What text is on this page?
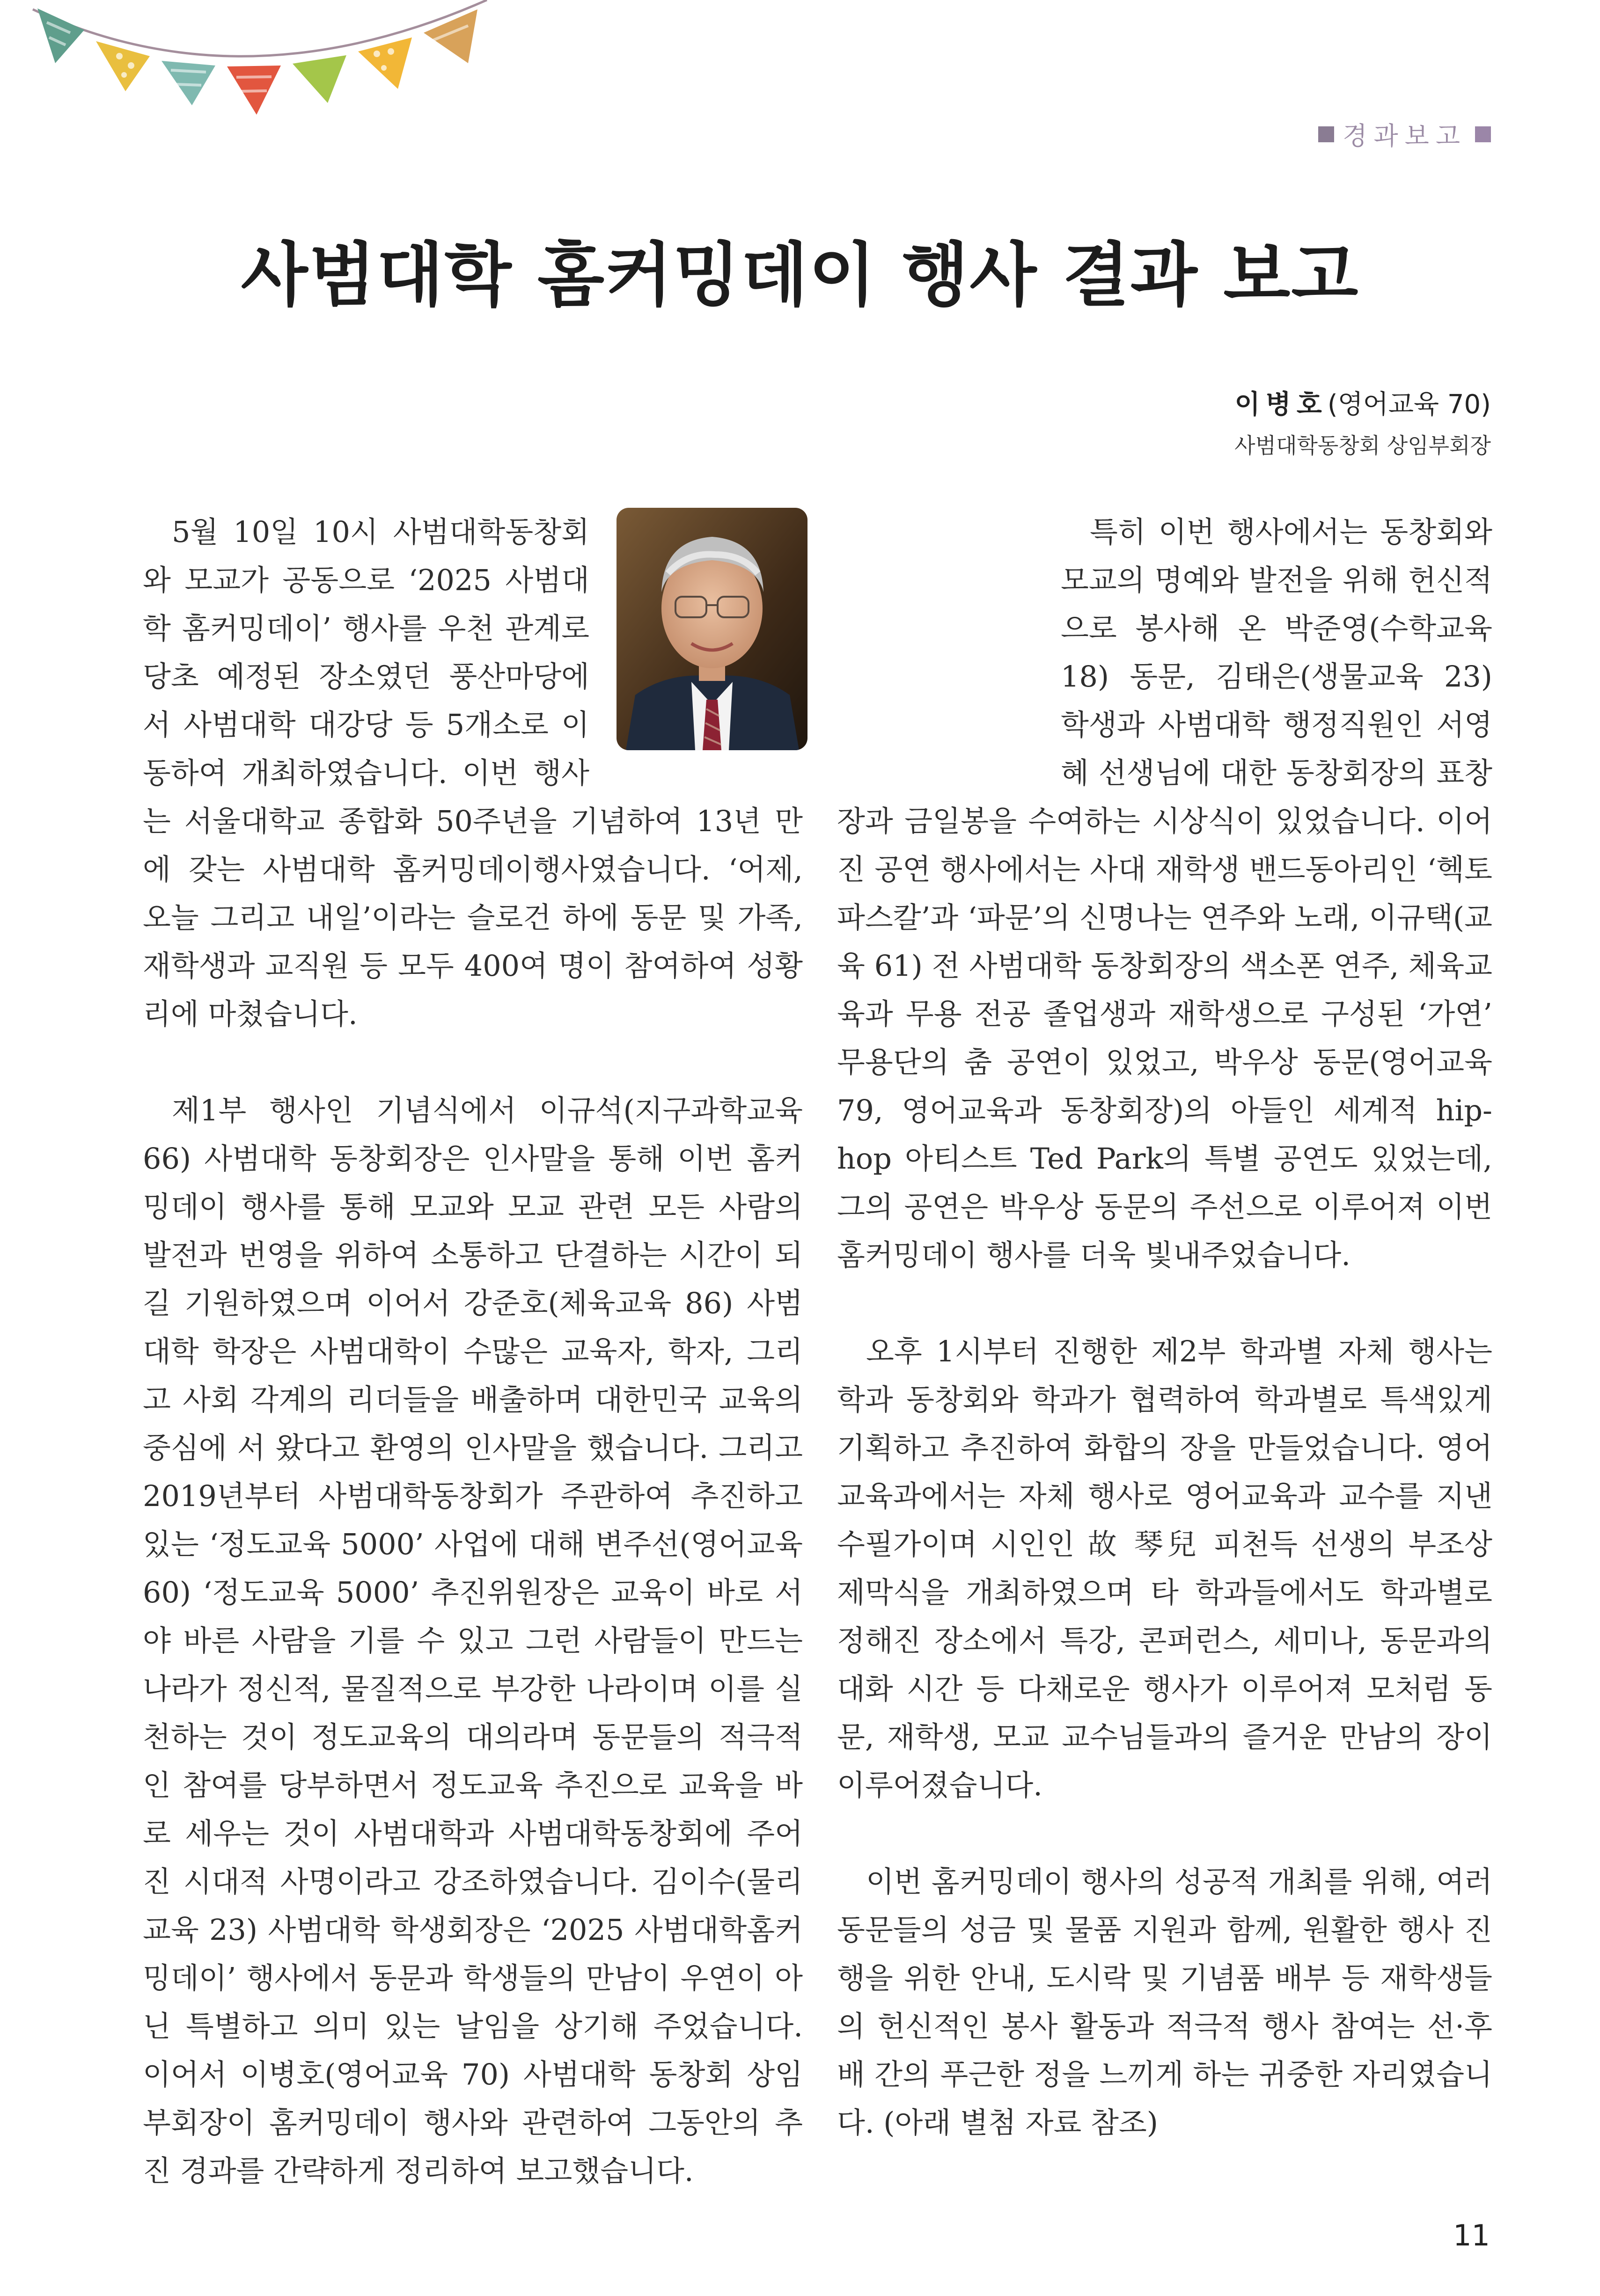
경과보고
사범대학 홈커밍데이 행사 결과 보고
이병호(영어교육 70)
사범대학동창회 상임부회장

5월 10일 10시 사범대학동창회와 모교가 공동으로 ‘2025 사범대학 홈커밍데이’ 행사를 우천 관계로 당초 예정된 장소였던 풍산마당에서 사범대학 대강당 등 5개소로 이동하여 개최하였습니다. 이번 행사는 서울대학교 종합화 50주년을 기념하여 13년 만에 갖는 사범대학 홈커밍데이행사였습니다. ‘어제, 오늘 그리고 내일’이라는 슬로건 하에 동문 및 가족, 재학생과 교직원 등 모두 400여 명이 참여하여 성황리에 마쳤습니다.

제1부 행사인 기념식에서 이규석(지구과학교육 66) 사범대학 동창회장은 인사말을 통해 이번 홈커밍데이 행사를 통해 모교와 모교 관련 모든 사람의 발전과 번영을 위하여 소통하고 단결하는 시간이 되길 기원하였으며 이어서 강준호(체육교육 86) 사범대학 학장은 사범대학이 수많은 교육자, 학자, 그리고 사회 각계의 리더들을 배출하며 대한민국 교육의 중심에 서 왔다고 환영의 인사말을 했습니다. 그리고 2019년부터 사범대학동창회가 주관하여 추진하고 있는 ‘정도교육 5000’ 사업에 대해 변주선(영어교육 60) ‘정도교육 5000’ 추진위원장은 교육이 바로 서야 바른 사람을 기를 수 있고 그런 사람들이 만드는 나라가 정신적, 물질적으로 부강한 나라이며 이를 실천하는 것이 정도교육의 대의라며 동문들의 적극적인 참여를 당부하면서 정도교육 추진으로 교육을 바로 세우는 것이 사범대학과 사범대학동창회에 주어진 시대적 사명이라고 강조하였습니다. 김이수(물리교육 23) 사범대학 학생회장은 ‘2025 사범대학홈커밍데이’ 행사에서 동문과 학생들의 만남이 우연이 아닌 특별하고 의미 있는 날임을 상기해 주었습니다. 이어서 이병호(영어교육 70) 사범대학 동창회 상임부회장이 홈커밍데이 행사와 관련하여 그동안의 추진 경과를 간략하게 정리하여 보고했습니다.

특히 이번 행사에서는 동창회와 모교의 명예와 발전을 위해 헌신적으로 봉사해 온 박준영(수학교육 18) 동문, 김태은(생물교육 23) 학생과 사범대학 행정직원인 서영혜 선생님에 대한 동창회장의 표창장과 금일봉을 수여하는 시상식이 있었습니다. 이어진 공연 행사에서는 사대 재학생 밴드동아리인 ‘헥토 파스칼’과 ‘파문’의 신명나는 연주와 노래, 이규택(교육 61) 전 사범대학 동창회장의 색소폰 연주, 체육교육과 무용 전공 졸업생과 재학생으로 구성된 ‘가연’ 무용단의 춤 공연이 있었고, 박우상 동문(영어교육 79, 영어교육과 동창회장)의 아들인 세계적 hip-hop 아티스트 Ted Park의 특별 공연도 있었는데, 그의 공연은 박우상 동문의 주선으로 이루어져 이번 홈커밍데이 행사를 더욱 빛내주었습니다.

오후 1시부터 진행한 제2부 학과별 자체 행사는 학과 동창회와 학과가 협력하여 학과별로 특색있게 기획하고 추진하여 화합의 장을 만들었습니다. 영어교육과에서는 자체 행사로 영어교육과 교수를 지낸 수필가이며 시인인 故 琴兒 피천득 선생의 부조상 제막식을 개최하였으며 타 학과들에서도 학과별로 정해진 장소에서 특강, 콘퍼런스, 세미나, 동문과의 대화 시간 등 다채로운 행사가 이루어져 모처럼 동문, 재학생, 모교 교수님들과의 즐거운 만남의 장이 이루어졌습니다.

이번 홈커밍데이 행사의 성공적 개최를 위해, 여러 동문들의 성금 및 물품 지원과 함께, 원활한 행사 진행을 위한 안내, 도시락 및 기념품 배부 등 재학생들의 헌신적인 봉사 활동과 적극적 행사 참여는 선·후배 간의 푸근한 정을 느끼게 하는 귀중한 자리였습니다. (아래 별첨 자료 참조)

11
